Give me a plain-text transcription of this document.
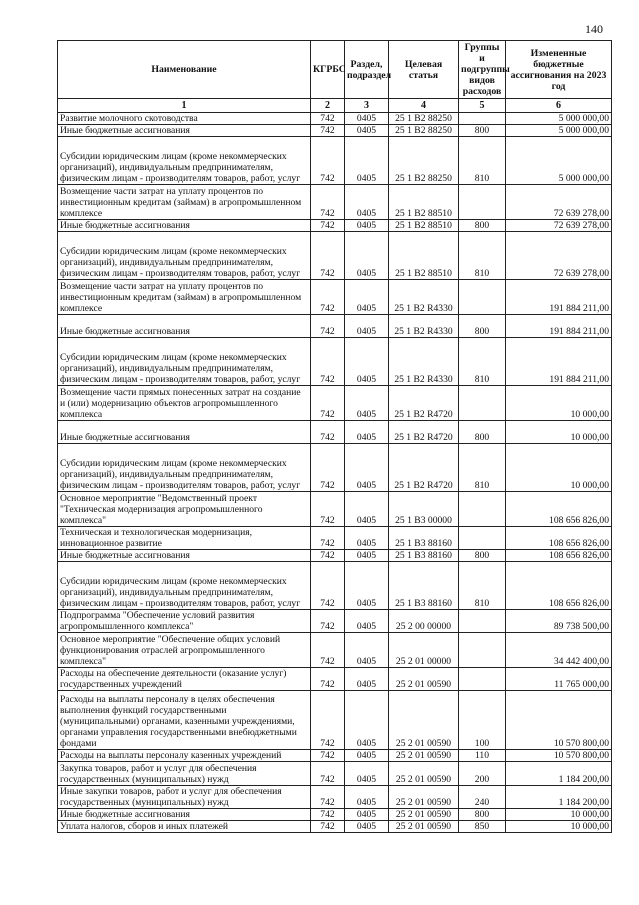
140
Наименование	КГРБС	Раздел, подраздел	Целевая статья	Группы и подгруппы видов расходов	Измененные бюджетные ассигнования на 2023 год
1	2	3	4	5	6
Развитие молочного скотоводства	742	0405	25 1 В2 88250		5 000 000,00
Иные бюджетные ассигнования	742	0405	25 1 В2 88250	800	5 000 000,00
Субсидии юридическим лицам (кроме некоммерческих организаций), индивидуальным предпринимателям, физическим лицам - производителям товаров, работ, услуг	742	0405	25 1 В2 88250	810	5 000 000,00
Возмещение части затрат на уплату процентов по инвестиционным кредитам (займам) в агропромышленном комплексе	742	0405	25 1 В2 88510		72 639 278,00
Иные бюджетные ассигнования	742	0405	25 1 В2 88510	800	72 639 278,00
Субсидии юридическим лицам (кроме некоммерческих организаций), индивидуальным предпринимателям, физическим лицам - производителям товаров, работ, услуг	742	0405	25 1 В2 88510	810	72 639 278,00
Возмещение части затрат на уплату процентов по инвестиционным кредитам (займам) в агропромышленном комплексе	742	0405	25 1 В2 R4330		191 884 211,00
Иные бюджетные ассигнования	742	0405	25 1 В2 R4330	800	191 884 211,00
Субсидии юридическим лицам (кроме некоммерческих организаций), индивидуальным предпринимателям, физическим лицам - производителям товаров, работ, услуг	742	0405	25 1 В2 R4330	810	191 884 211,00
Возмещение части прямых понесенных затрат на создание и (или) модернизацию объектов агропромышленного комплекса	742	0405	25 1 В2 R4720		10 000,00
Иные бюджетные ассигнования	742	0405	25 1 В2 R4720	800	10 000,00
Субсидии юридическим лицам (кроме некоммерческих организаций), индивидуальным предпринимателям, физическим лицам - производителям товаров, работ, услуг	742	0405	25 1 В2 R4720	810	10 000,00
Основное мероприятие "Ведомственный проект "Техническая модернизация агропромышленного комплекса"	742	0405	25 1 В3 00000		108 656 826,00
Техническая и технологическая модернизация, инновационное развитие	742	0405	25 1 В3 88160		108 656 826,00
Иные бюджетные ассигнования	742	0405	25 1 В3 88160	800	108 656 826,00
Субсидии юридическим лицам (кроме некоммерческих организаций), индивидуальным предпринимателям, физическим лицам - производителям товаров, работ, услуг	742	0405	25 1 В3 88160	810	108 656 826,00
Подпрограмма "Обеспечение условий развития агропромышленного комплекса"	742	0405	25 2 00 00000		89 738 500,00
Основное мероприятие "Обеспечение общих условий функционирования отраслей агропромышленного комплекса"	742	0405	25 2 01 00000		34 442 400,00
Расходы на обеспечение деятельности (оказание услуг) государственных учреждений	742	0405	25 2 01 00590		11 765 000,00
Расходы на выплаты персоналу в целях обеспечения выполнения функций государственными (муниципальными) органами, казенными учреждениями, органами управления государственными внебюджетными фондами	742	0405	25 2 01 00590	100	10 570 800,00
Расходы на выплаты персоналу казенных учреждений	742	0405	25 2 01 00590	110	10 570 800,00
Закупка товаров, работ и услуг для обеспечения государственных (муниципальных) нужд	742	0405	25 2 01 00590	200	1 184 200,00
Иные закупки товаров, работ и услуг для обеспечения государственных (муниципальных) нужд	742	0405	25 2 01 00590	240	1 184 200,00
Иные бюджетные ассигнования	742	0405	25 2 01 00590	800	10 000,00
Уплата налогов, сборов и иных платежей	742	0405	25 2 01 00590	850	10 000,00
